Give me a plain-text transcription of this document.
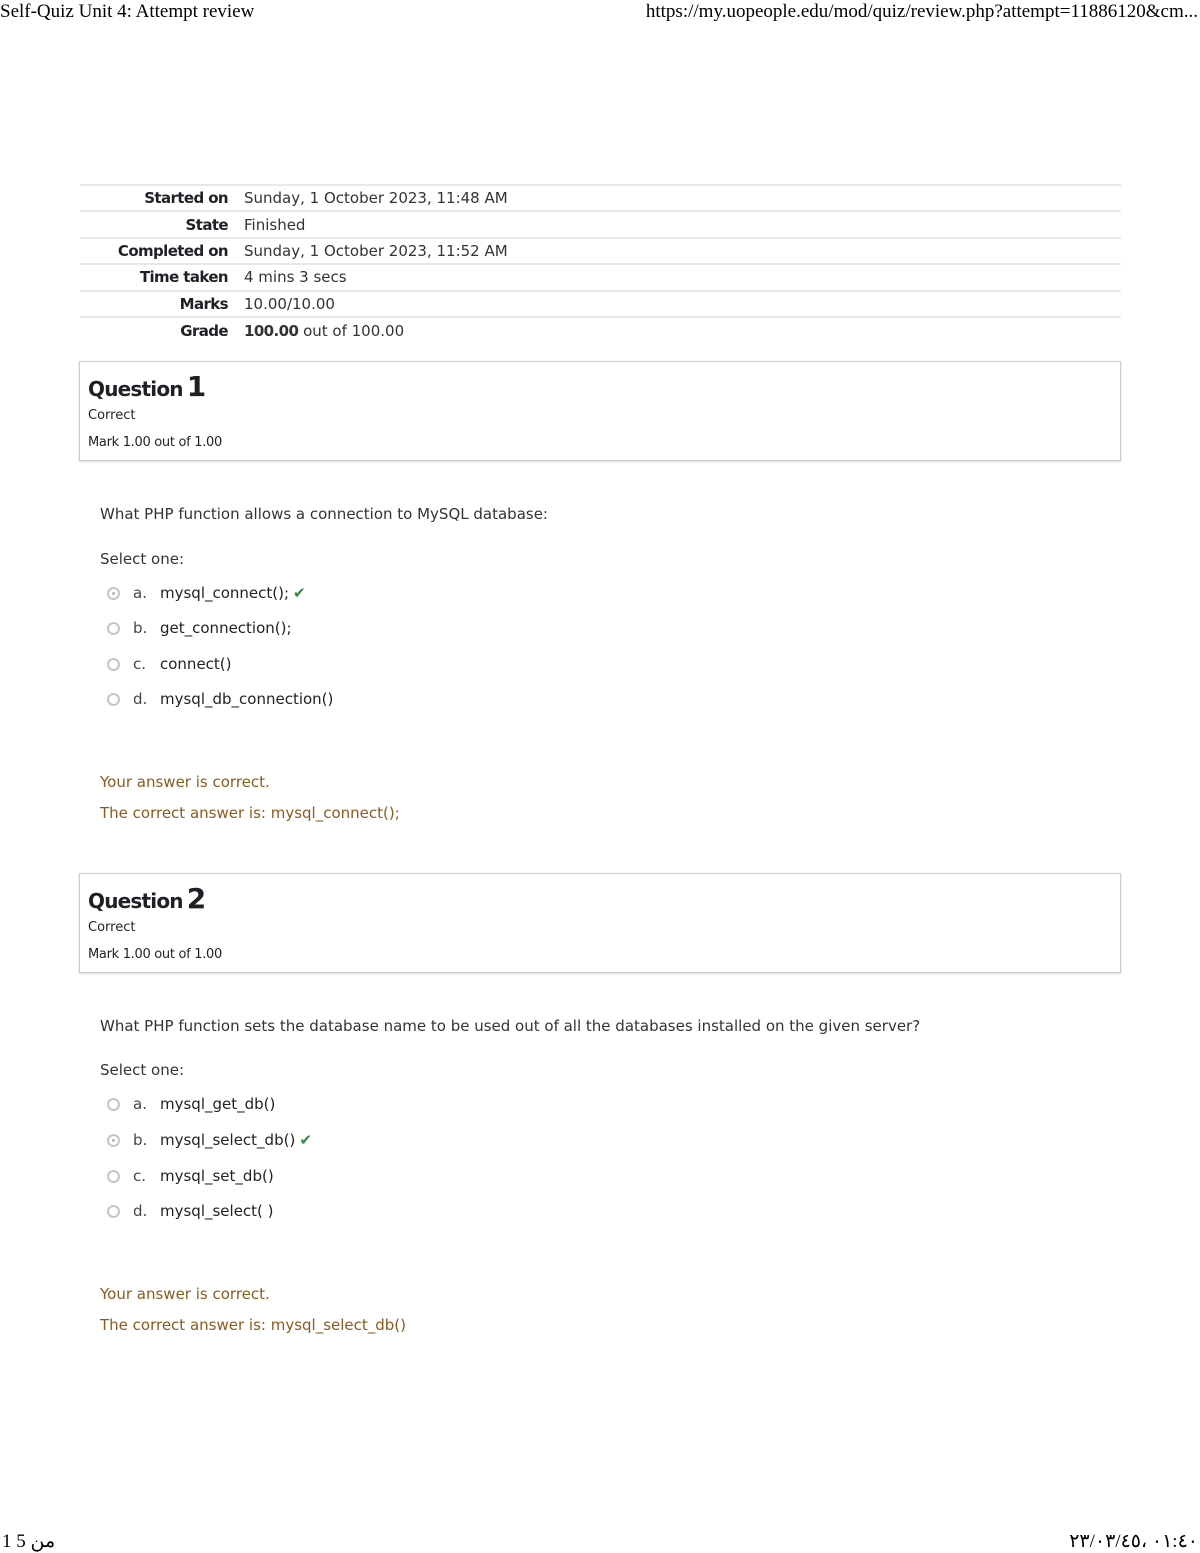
Self-Quiz Unit 4: Attempt review	https://my.uopeople.edu/mod/quiz/review.php?attempt=11886120&cm...
Started on	Sunday, 1 October 2023, 11:48 AM
State	Finished
Completed on	Sunday, 1 October 2023, 11:52 AM
Time taken	4 mins 3 secs
Marks	10.00/10.00
Grade	100.00 out of 100.00
Question 1
Correct
Mark 1.00 out of 1.00
What PHP function allows a connection to MySQL database:
Select one:
a. mysql_connect(); ✔
b. get_connection();
c. connect()
d. mysql_db_connection()
Your answer is correct.
The correct answer is: mysql_connect();
Question 2
Correct
Mark 1.00 out of 1.00
What PHP function sets the database name to be used out of all the databases installed on the given server?
Select one:
a. mysql_get_db()
b. mysql_select_db() ✔
c. mysql_set_db()
d. mysql_select( )
Your answer is correct.
The correct answer is: mysql_select_db()
1 من 5	٠١:٤٠ ،٢٣/٠٣/٤٥
